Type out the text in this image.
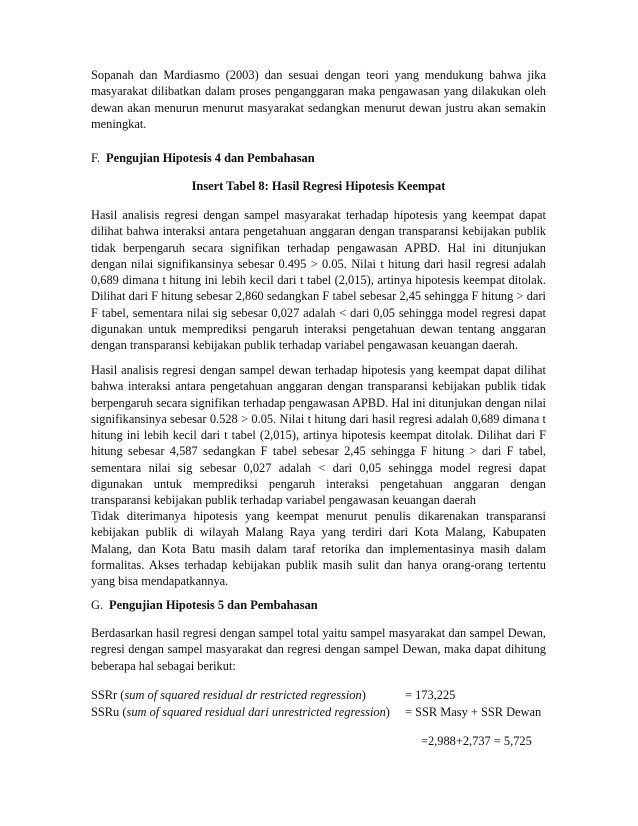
Sopanah dan Mardiasmo (2003) dan sesuai dengan teori yang mendukung bahwa jika masyarakat dilibatkan dalam proses penganggaran maka pengawasan yang dilakukan oleh dewan akan menurun menurut masyarakat sedangkan menurut dewan justru akan semakin meningkat.

F. Pengujian Hipotesis 4 dan Pembahasan
Insert Tabel 8: Hasil Regresi Hipotesis Keempat

Hasil analisis regresi dengan sampel masyarakat terhadap hipotesis yang keempat dapat dilihat bahwa interaksi antara pengetahuan anggaran dengan transparansi kebijakan publik tidak berpengaruh secara signifikan terhadap pengawasan APBD. Hal ini ditunjukan dengan nilai signifikansinya sebesar 0.495 > 0.05. Nilai t hitung dari hasil regresi adalah 0,689 dimana t hitung ini lebih kecil dari t tabel (2,015), artinya hipotesis keempat ditolak. Dilihat dari F hitung sebesar 2,860 sedangkan F tabel sebesar 2,45 sehingga F hitung > dari F tabel, sementara nilai sig sebesar 0,027 adalah < dari 0,05 sehingga model regresi dapat digunakan untuk memprediksi pengaruh interaksi pengetahuan dewan tentang anggaran dengan transparansi kebijakan publik terhadap variabel pengawasan keuangan daerah.

Hasil analisis regresi dengan sampel dewan terhadap hipotesis yang keempat dapat dilihat bahwa interaksi antara pengetahuan anggaran dengan transparansi kebijakan publik tidak berpengaruh secara signifikan terhadap pengawasan APBD. Hal ini ditunjukan dengan nilai signifikansinya sebesar 0.528 > 0.05. Nilai t hitung dari hasil regresi adalah 0,689 dimana t hitung ini lebih kecil dari t tabel (2,015), artinya hipotesis keempat ditolak. Dilihat dari F hitung sebesar 4,587 sedangkan F tabel sebesar 2,45 sehingga F hitung > dari F tabel, sementara nilai sig sebesar 0,027 adalah < dari 0,05 sehingga model regresi dapat digunakan untuk memprediksi pengaruh interaksi pengetahuan anggaran dengan transparansi kebijakan publik terhadap variabel pengawasan keuangan daerah

Tidak diterimanya hipotesis yang keempat menurut penulis dikarenakan transparansi kebijakan publik di wilayah Malang Raya yang terdiri dari Kota Malang, Kabupaten Malang, dan Kota Batu masih dalam taraf retorika dan implementasinya masih dalam formalitas. Akses terhadap kebijakan publik masih sulit dan hanya orang-orang tertentu yang bisa mendapatkannya.

G. Pengujian Hipotesis 5 dan Pembahasan

Berdasarkan hasil regresi dengan sampel total yaitu sampel masyarakat dan sampel Dewan, regresi dengan sampel masyarakat dan regresi dengan sampel Dewan, maka dapat dihitung beberapa hal sebagai berikut:

SSRr (sum of squared residual dr restricted regression)	= 173,225
SSRu (sum of squared residual dari unrestricted regression) = SSR Masy + SSR Dewan
=2,988+2,737 = 5,725
